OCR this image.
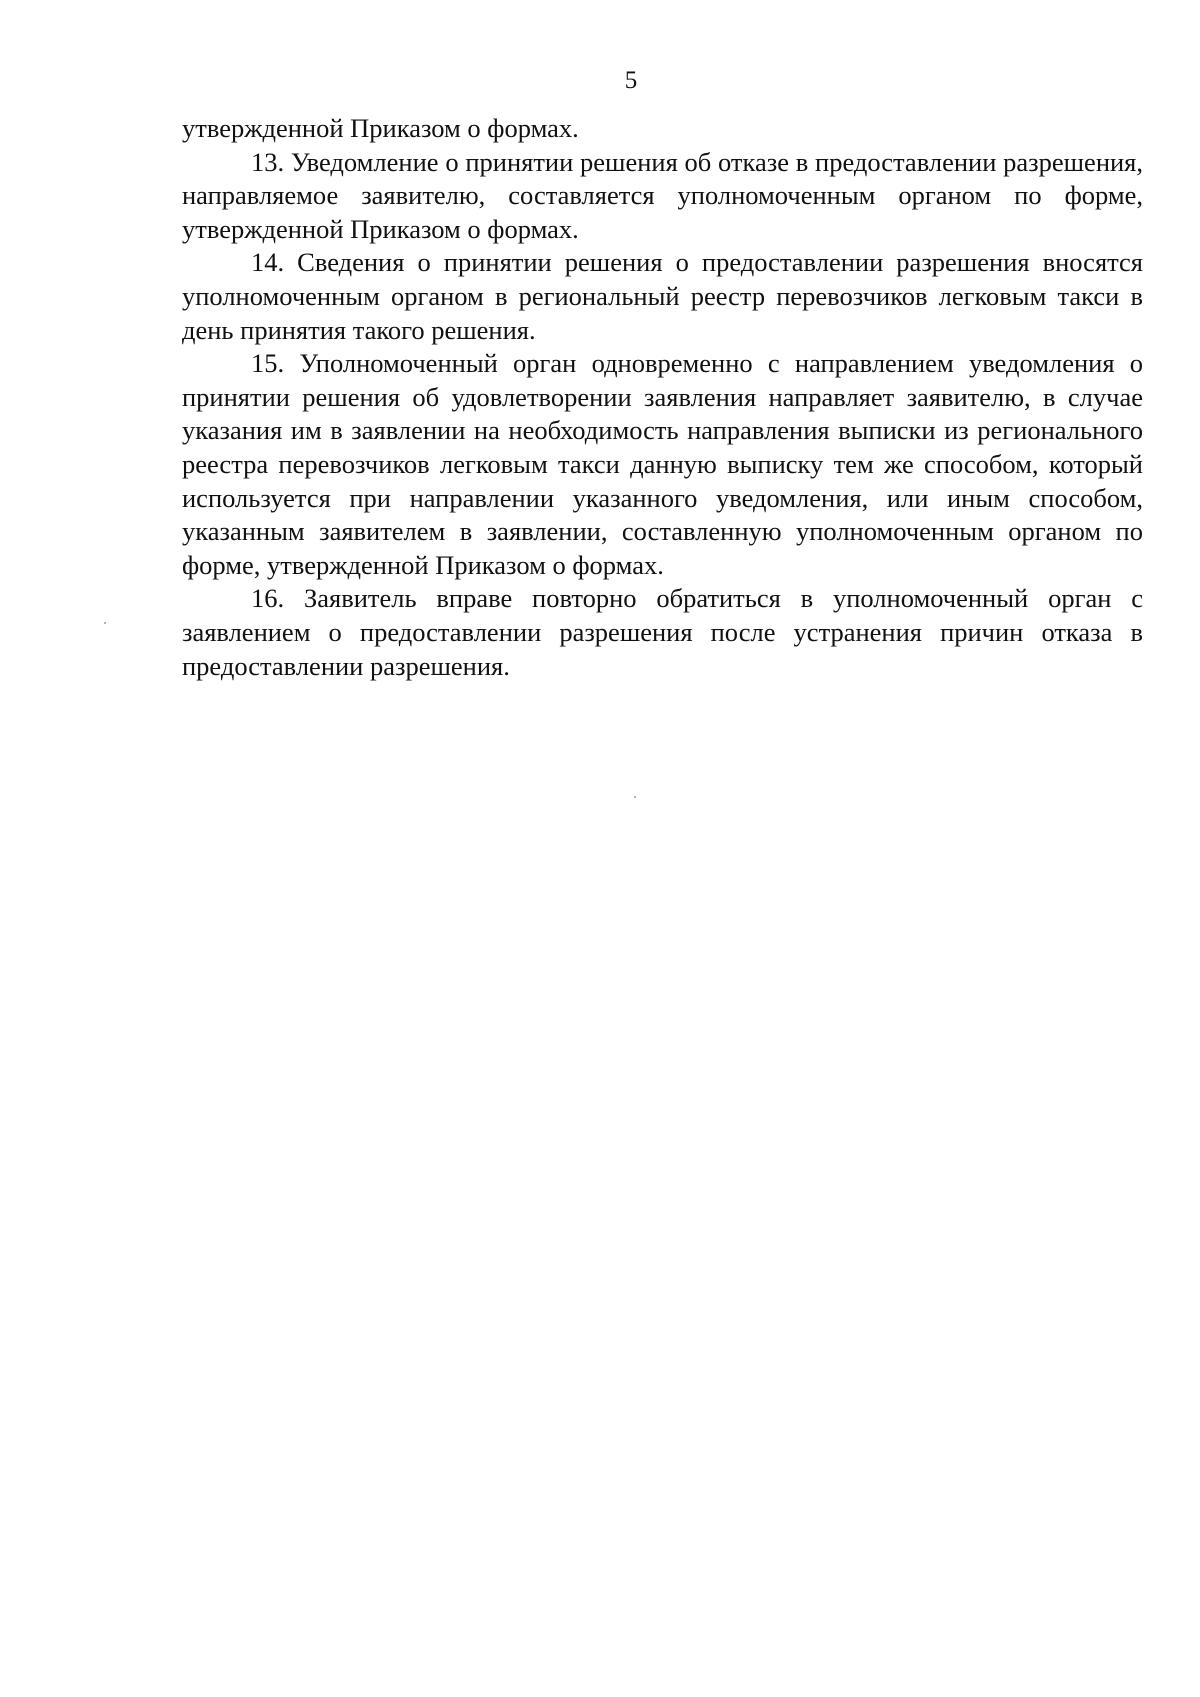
5

утвержденной Приказом о формах.

13. Уведомление о принятии решения об отказе в предоставлении разрешения, направляемое заявителю, составляется уполномоченным органом по форме, утвержденной Приказом о формах.

14. Сведения о принятии решения о предоставлении разрешения вносятся уполномоченным органом в региональный реестр перевозчиков легковым такси в день принятия такого решения.

15. Уполномоченный орган одновременно с направлением уведомления о принятии решения об удовлетворении заявления направляет заявителю, в случае указания им в заявлении на необходимость направления выписки из регионального реестра перевозчиков легковым такси данную выписку тем же способом, который используется при направлении указанного уведомления, или иным способом, указанным заявителем в заявлении, составленную уполномоченным органом по форме, утвержденной Приказом о формах.

16. Заявитель вправе повторно обратиться в уполномоченный орган с заявлением о предоставлении разрешения после устранения причин отказа в предоставлении разрешения.
